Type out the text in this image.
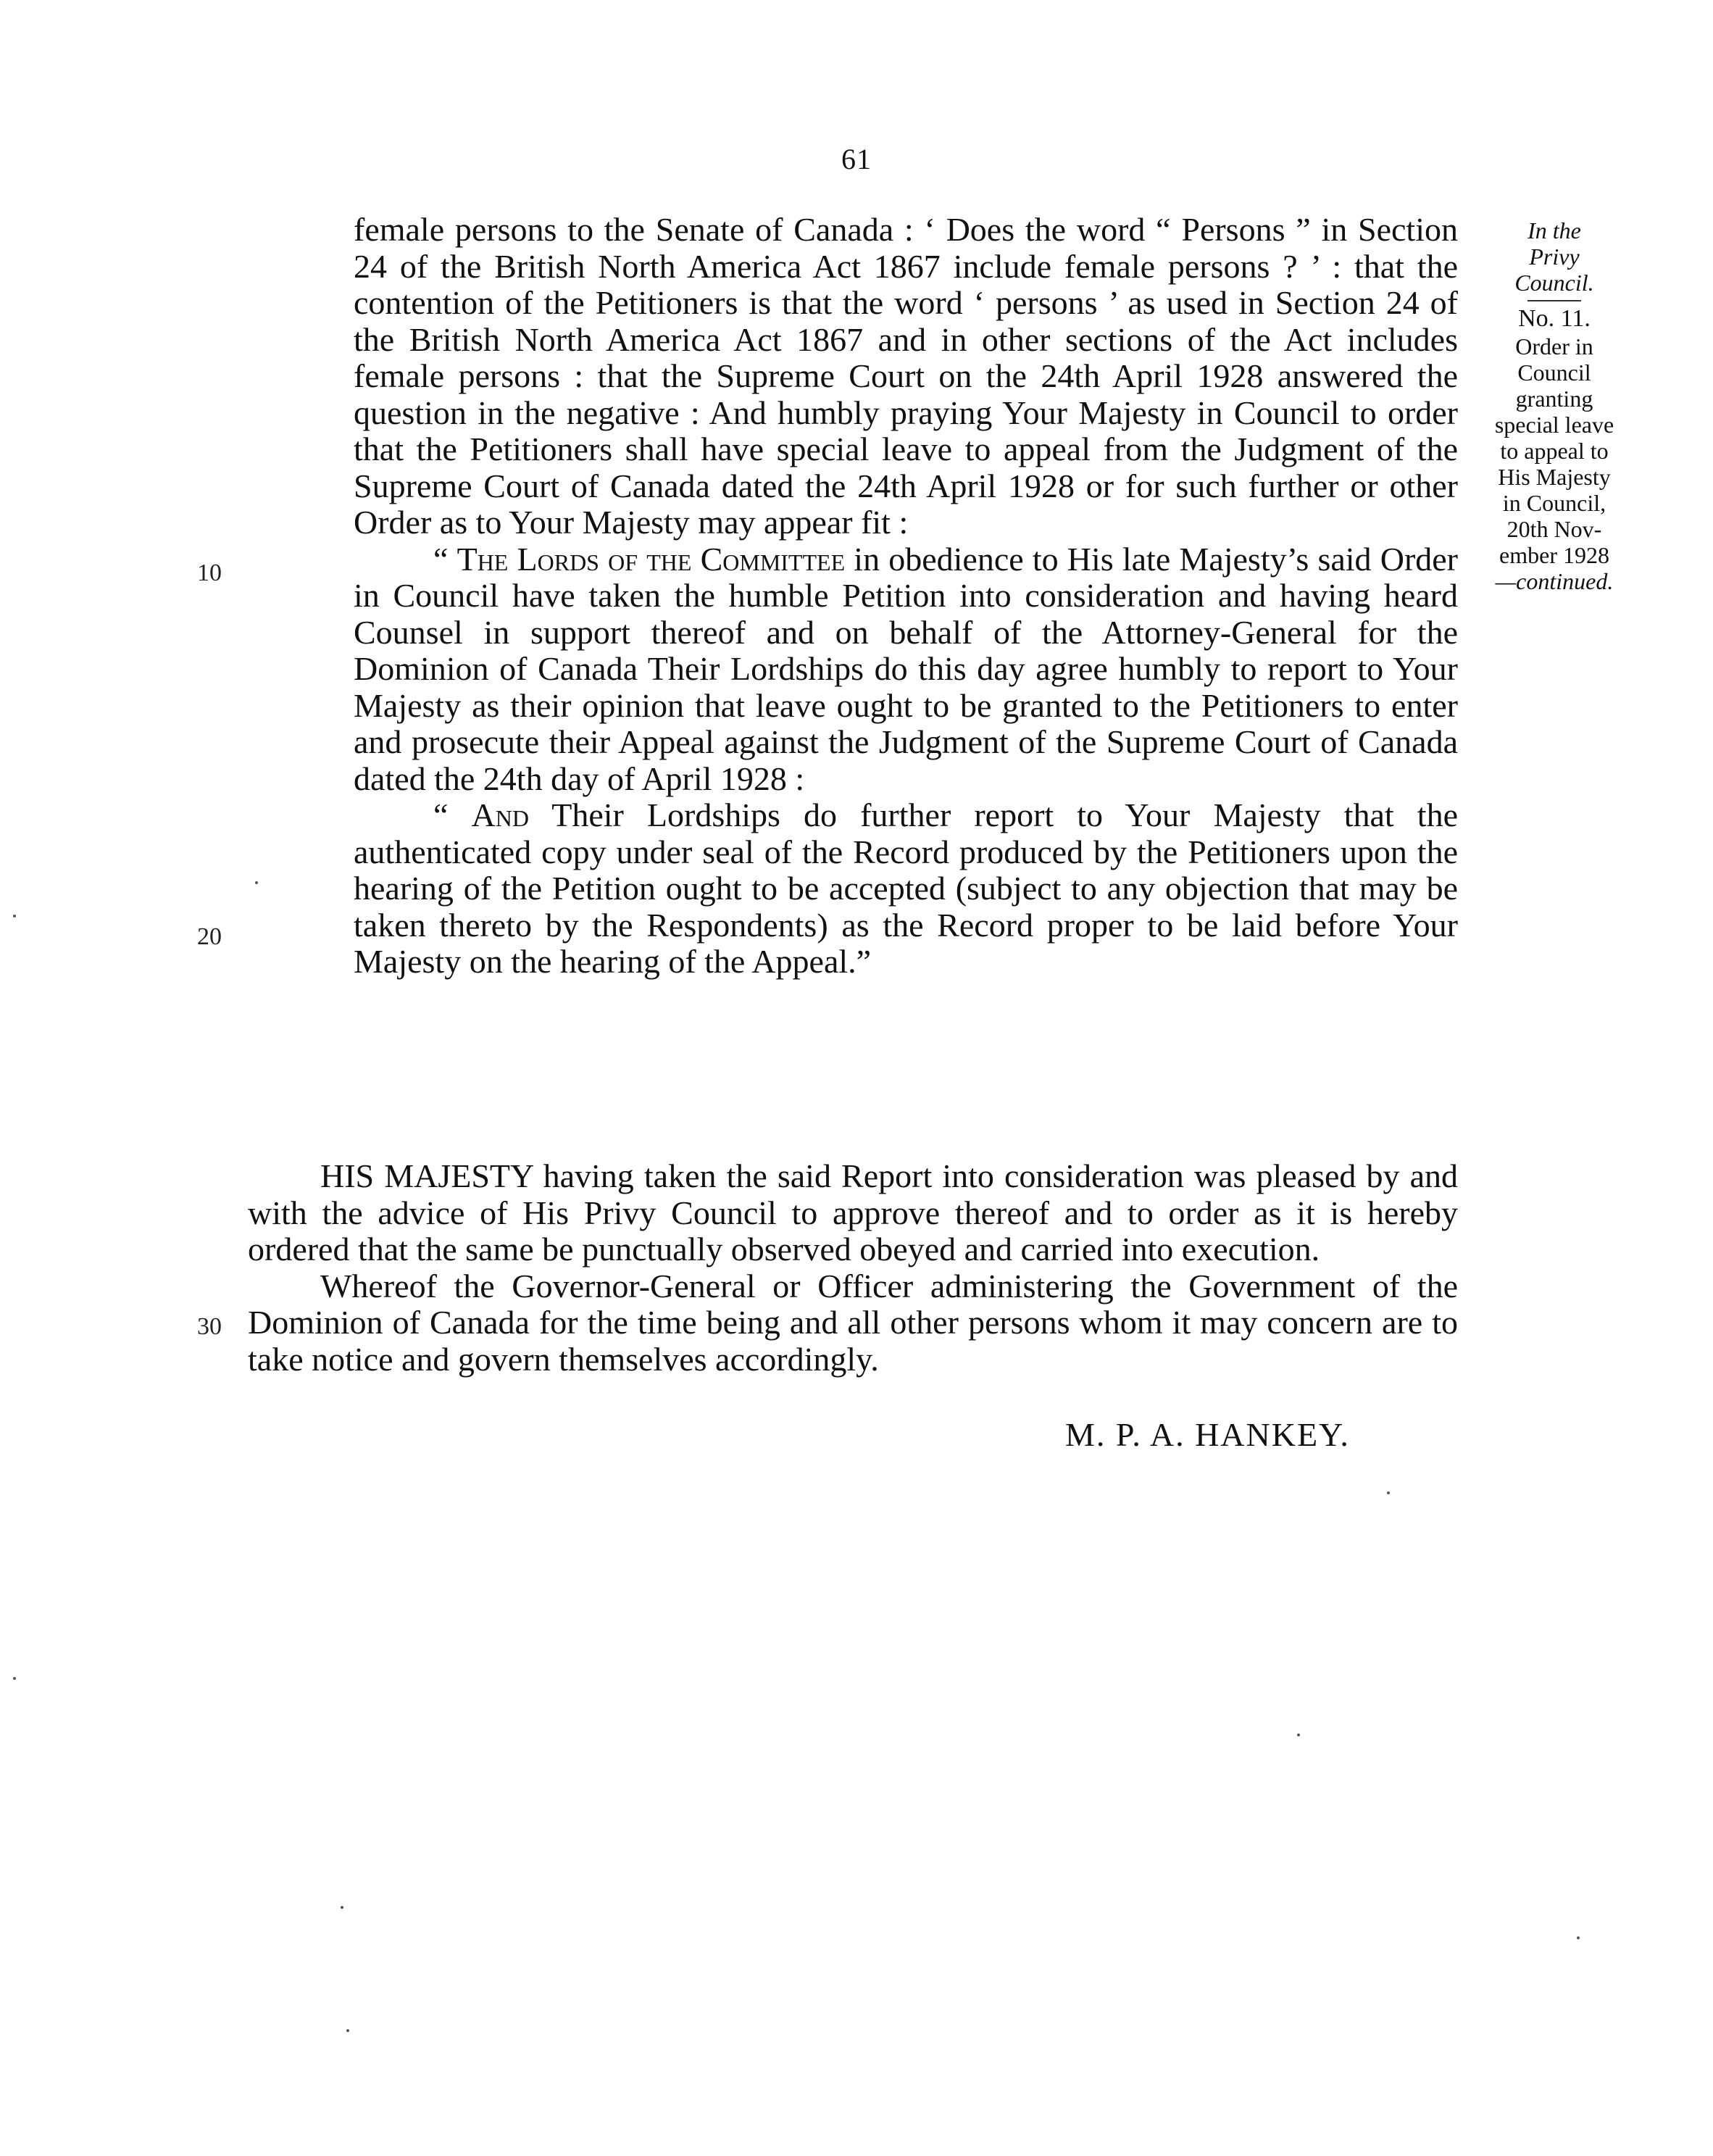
61
10
20
30

female persons to the Senate of Canada : ‘ Does the word “ Persons ” in Section 24 of the British North America Act 1867 include female persons ? ’ : that the contention of the Petitioners is that the word ‘ persons ’ as used in Section 24 of the British North America Act 1867 and in other sections of the Act includes female persons : that the Supreme Court on the 24th April 1928 answered the question in the negative : And humbly praying Your Majesty in Council to order that the Petitioners shall have special leave to appeal from the Judgment of the Supreme Court of Canada dated the 24th April 1928 or for such further or other Order as to Your Majesty may appear fit :

“ The Lords of the Committee in obedience to His late Majesty’s said Order in Council have taken the humble Petition into consideration and having heard Counsel in support thereof and on behalf of the Attorney-General for the Dominion of Canada Their Lordships do this day agree humbly to report to Your Majesty as their opinion that leave ought to be granted to the Petitioners to enter and prosecute their Appeal against the Judgment of the Supreme Court of Canada dated the 24th day of April 1928 :

“ And Their Lordships do further report to Your Majesty that the authenticated copy under seal of the Record produced by the Petitioners upon the hearing of the Petition ought to be accepted (subject to any objection that may be taken thereto by the Respondents) as the Record proper to be laid before Your Majesty on the hearing of the Appeal.”

HIS MAJESTY having taken the said Report into consideration was pleased by and with the advice of His Privy Council to approve thereof and to order as it is hereby ordered that the same be punctually observed obeyed and carried into execution.

Whereof the Governor-General or Officer administering the Government of the Dominion of Canada for the time being and all other persons whom it may concern are to take notice and govern themselves accordingly.

M. P. A. HANKEY.
In the
Privy
Council.
No. 11.
Order in
Council
granting
special leave
to appeal to
His Majesty
in Council,
20th Nov-
ember 1928
—continued.
